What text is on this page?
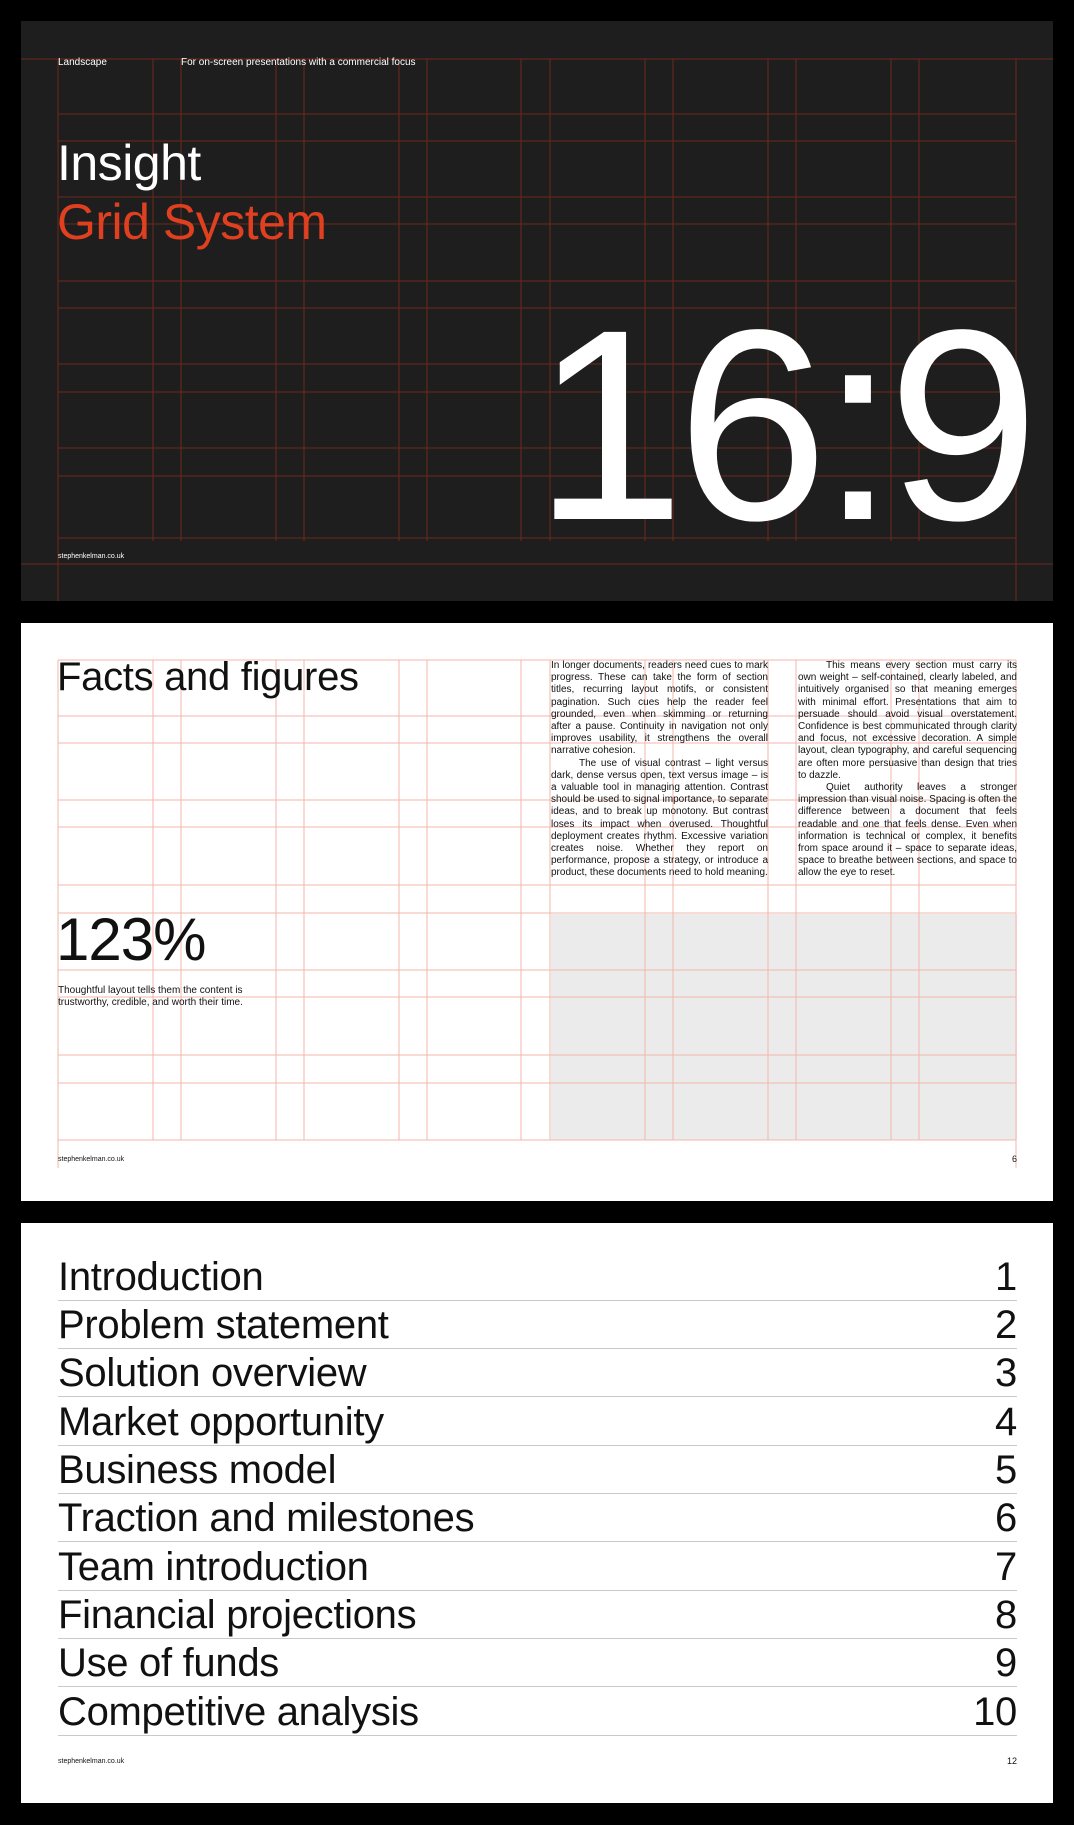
Landscape	For on-screen presentations with a commercial focus
Insight
Grid System
16:9
stephenkelman.co.uk
Facts and figures
123%
Thoughtful layout tells them the content is trustworthy, credible, and worth their time.

In longer documents, readers need cues to mark progress. These can take the form of section titles, recurring layout motifs, or consistent pagination. Such cues help the reader feel grounded, even when skimming or returning after a pause. Continuity in navigation not only improves usability, it strengthens the overall narrative cohesion.

The use of visual contrast – light versus dark, dense versus open, text versus image – is a valuable tool in managing attention. Contrast should be used to signal importance, to separate ideas, and to break up monotony. But contrast loses its impact when overused. Thoughtful deployment creates rhythm. Excessive variation creates noise. Whether they report on performance, propose a strategy, or introduce a product, these documents need to hold meaning.

This means every section must carry its own weight – self-contained, clearly labeled, and intuitively organised so that meaning emerges with minimal effort. Presentations that aim to persuade should avoid visual overstatement. Confidence is best communicated through clarity and focus, not excessive decoration. A simple layout, clean typography, and careful sequencing are often more persuasive than design that tries to dazzle.

Quiet authority leaves a stronger impression than visual noise. Spacing is often the difference between a document that feels readable and one that feels dense. Even when information is technical or complex, it benefits from space around it – space to separate ideas, space to breathe between sections, and space to allow the eye to reset.

stephenkelman.co.uk	6
Introduction	1
Problem statement	2
Solution overview	3
Market opportunity	4
Business model	5
Traction and milestones	6
Team introduction	7
Financial projections	8
Use of funds	9
Competitive analysis	10
stephenkelman.co.uk	12
